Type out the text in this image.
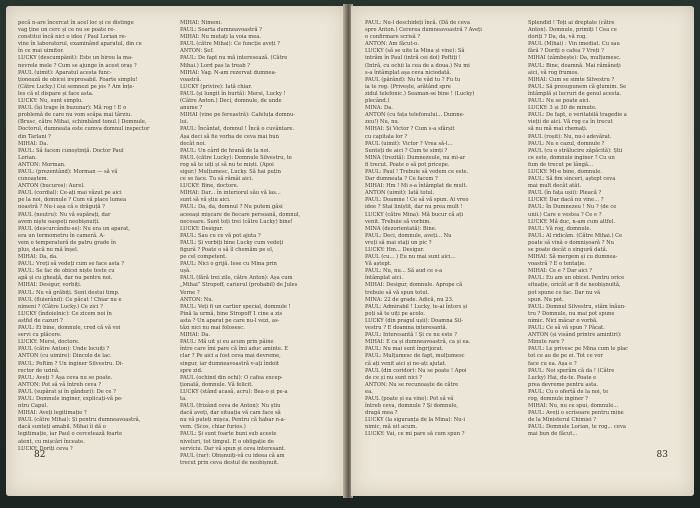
pecă n-are încercat în acel loc și ce distinge
vag ține un cerc și ce nu se poate re-
constitui încă nici o idee / Paul Lorian re-
vine în laboratorul, examinând aparatul, din ce
în ce mai uimitor.
LUCKY (descumpănit): Este un birou la ma-
nevrele mele ? Cum se ajunge în acest oraș ?
PAUL (uimit): Aparatul acesta func-
ționează de obicei ireprosabil. Foarte simplu!
(Către Lucky.) Cui semnezi pe jos ? Am înțe-
les că el dispare și face asta.
LUCKY: Nu, sunt simplu.
PAUL (își trage în buzunar): Mă rog ! E o
problemă de care nu vom scăpa mai târziu.
(Brusc, către Mihai, schimbând tonul.) Domnule,
Doctorul, dumneata este cumva domnul inspector
din Tarlani ?
MIHAI: Da.
PAUL: Să facem cunoștință. Doctor Paul
Lorian.
ANTON: Morman.
PAUL: (prezentând): Morman — să vă
cunoaștem.
ANTON (bucuros): Aurel.
PAUL (cordial): Ce-ați mai văzut pe aici
pe la noi, domnule ? Cum vă place lumea
noastră ? Nu-i așa că e drăguță ?
PAUL (neutru): Nu vă supărați, dar
avem niște oaspeți neobișnuiți.
PAUL (descurcându-se): Nu era un aparat,
era un termometru în cameră. A-
vem o temperatură de patru grade în
plus, dacă nu mă înșel.
MIHAI: Da, da.
PAUL: Vreți să vedeți cum se face asta ?
PAUL: Se fac de obicei niște teste cu
apă și cu gheață, dar nu pentru noi.
MIHAI: Desigur, vorbiți.
PAUL: Nu vă grăbiți. Sunt destui timp.
PAUL (fluierând): Ce păcat ! Chiar nu e
nimeni ? (Câtre Lucky.) Ce zici ?
LUCKY (îndoielnic): Ce zicem noi în
astfel de cazuri ?
PAUL: Ei bine, domnule, cred că vă voi
servi cu plăcere.
LUCKY: Mersi, doctore.
PAUL (către Anton): Unde locuiți ?
ANTON (cu uimire): Dincolo de lac.
PAUL: Poftim ? Un inginer Silvestru. Di-
rector de uzină.
PAUL: Aveți ? Așa ceva nu se poate.
ANTON: Pot să vă întreb ceva ?
PAUL (supărat și în gânduri): De ce ?
PAUL: Domnule inginer, explicați-vă pe-
ntru Capul.
MIHAI: Aveți legitimație ?
PAUL (către Mihai): Și pentru dumneavoastră,
dacă sunteți amabil. Mihai îi dă o
legitimație, iar Paul o cercetează foarte
atent, cu mișcări înceate.
LUCKY: Doriți ceva ?
MIHAI: Nimeni.
PAUL: Soarta dumneavoastră ?
MIHAI: Nu mutați la voia mea.
PAUL (către Mihai): Ce funcție aveți ?
ANTON: Șef.
PAUL: De fapt nu mă interesează. (Către
Mihai.) Lord pas la treab ?
MIHAI: Vag. N-am rezervat dumnea-
voastră.
LUCKY (privire): Iată chiar.
PAUL (și lungit în burtă): Mersi, Lucky !
(Câtre Anton.) Deci, domnule, de unde
anume ?
MIHAI (vine pe fereastră): Cafeluța domnu-
lui.
PAUL: Încântat, domnul ! Încă o cuvântare.
Așa deci să fie vorba de ceva mai bun
decât noi.
PAUL: Un cârd de hrană de la noi.
PAUL (către Lucky): Domnule Silvestru, te
rog să te uiți și să nu te miști. (Apoi
sigur.) Mulțumesc, Lucky. Să hai puțin
ce se face. Tu să rămâi aici.
LUCKY: Bine, doctore.
MIHAI: Dar... în interiorul său vă las...
sunt să vă știu aici.
PAUL: Da, da, domnul ? Nu putem găsi
aceeași mișcare de fiecare persoană, domnul,
necesare. Sunt toți trei (către Lucky) bine!
LUCKY: Desigur.
PAUL: Sau cu ce vă pot ajuta ?
PAUL: Și vorbiți bine Lucky cum vedeți
figură ? Poate o să îl chemăm pe el,
pe cel competent.
PAUL: Nici o grijă. Iese cu Mina prin
ușă.
PAUL (fără trei zile, câtre Anton): Așa cum
„Mihai” Stropoff, carierul (probabil) de Jules
Verne ?
ANTON: Nu.
PAUL: Veți fi un cartier special, domnule !
Pină la urmă, bine Stropoff 1 cine a zis
asta ? Un aparat pe care nu-l vezi, as-
tăzi nici nu mai folosesc.
MIHAI: Da.
PAUL: Mă uit și eu acum prin pâine
între care îmi pare că îmi aduc aminte. E
clar ? Pe aici a fost ceva mai devreme,
singur, iar dumneavoastră v-ați îndoit
spre zid.
PAUL (ochind din ochi): O cafea excep-
ționată, domnule. Vă felicit.
LUCKY (stând acasă, acru): Bea-o și pe-a
ta.
PAUL (frizând ceva de Anton): Nu știu
dacă aveți, dar situația vă cam face să
nu vă puteți mișca. Pentru că habar n-a-
vem. (Scos, chiar furios.)
PAUL: Și sunt foarte buni sub aceste
niveluri, tot timpul. E o obligație de
serviciu. Dar vă spun și ceva interesant.
PAUL (rar): Obișnuiți-vă cu ideea că am
trecut prin ceva destul de neobișnuit.
82
PAUL: Nu-l deschideți încă. (Dă de ceva
spre Anton.) Cererea dumneavoastră ? Aveți
o confirmare scrisă ?
ANTON: Am făcut-o.
LUCKY (să se uite la Mina și vine): Să
intrăm în Paul (intră cei doi) Poftiți !
(Intră, cu ochii la cea de a doua.) Nu mi
s-a întâmplat așa ceva niciodată.
PAUL (părând): Nu te văd tu ? Fu tu
ia te rog. (Privește, arătând spre
zidul telefonic.) Seaman-se bine ! (Lucky)
plecând.)
MINA: Da.
ANTON (cu fața telefonului... Dumne-
zeu!) Nu, nu.
MIHAI: Și Victor ? Cum s-a sfârșit
cu capitala lor ?
PAUL (uimit): Victor ? Vrea să-l...
Sunteți de aici ? Cum te simți ?
MINA (trezită): Dumnezeule, nu mi-ar
fi trecut. Poate o să pot pricepe.
PAUL: Paul ! Trebuie să vedem ce este.
Dar dumneata ? Ce facem ?
MIHAI: Hm ! Mi s-a întâmplat de mult.
ANTON (uimit): Iată totul.
PAUL: Doamne ! Ce să vă spun. Ai vreo
idee ? Stai liniștit, dar nu prea mult !
LUCKY (către Mina): Mă bucur că ați
venit. Trebuie să vorbim.
MINA (dezorientată): Bine.
PAUL: Deci, domnule, aveți... Nu
vreți să mai stați un pic ?
LUCKY: Hm... Desigur.
PAUL (cu... ) Eu nu mai sunt aici...
Vă aștept.
PAUL: Nu, nu... Să aud ce s-a
întâmplat aici.
MIHAI: Desigur, domnule. Aprope că
trebuie să vă spun totul.
MINA: 22 de grade. Adică, nu 23.
PAUL: Admirabil ! Lucky, te-ai întors și
poți să te uiți pe acolo.
LUCKY (din pragul ușii): Doamna Sil-
vestru ? E doamna interesantă.
PAUL: Interesantă ! Și ce nu este ?
MIHAI: E ca și dumneavoastră, ca și ea.
PAUL: Nu mai sunt îngrijorat.
PAUL: Mulțumesc de fapt, mulțumesc
că ați venit aici și ne-ați ajutat.
PAUL (din coridor): Nu se poate ! Apoi
de ce și nu sunt nici ?
ANTON: Nu se recunoaște de către
ea.
PAUL (poate și ea vine): Pot să vă
întreb ceva, domnule ? Și domnule,
dragă mea ?
LUCKY (la siguranța de la Mina): Nu-i
nimic, mă uit acum.
LUCKY: Vai, ce mi pare să cum spun ?
Splendid ! Toți ai dreptate (către
Anton). Domnule, primiți ! Cea ce
doriți ? Da, da, vă rog.
PAUL (Mihai) : Vin imediat. Cu sau
fără ? Doriți o cafea ? Vreți ?
MIHAI (zâmbește): Da, mulțumesc.
PAUL: Bine, doamnă. Mai rămâneți
aici, vă rog frumos.
MIHAI: Cum se simte Silvestru ?
PAUL: Să presupunem că glumim. Se
întâmplă și lucruri de genul acesta.
PAUL: Nu se poate aici.
LUCKY: 3 și 30 de minute.
PAUL: De fapt, o veritabilă tragedie a
vieții de aici. Vă rog ca în trecut
să nu mă mai chemați.
PAUL (roșit): Nu, nu-i adevărat.
PAUL: Nu e cazul, domnule ?
PAUL (cu o strălucire zăpăcită): Știi
ce este, domnule inginer ? Cu un
fum de trecut pe lângă...
LUCKY: Mi-e bine, domnule.
PAUL: Să fim sinceri, aștept ceva
mai mult decât atât.
PAUL (în fața ușii): Pleacă ?
LUCKY: Dar dacă nu vine... ?
PAUL: În Dumnezeu ! Nu ? (de ce
unii.) Care e vestea ? Ce e ?
LUCKY: Mă duc, n-am cum altfel.
PAUL: Vă rog, domnule.
PAUL: Al ridicăm. (Către Mihai.) Ce
poate să vină o domnișoară ? Nu
se poate decât o singură dată.
MIHAI: Să mergem și cu dumnea-
voastră ? E o tentație.
MIHAI: Ce e ? Dar aici ?
PAUL: Eu am un obicei. Pentru orice
situație, oricât ar fi de neobișnuită,
pot spune ce fac. Dar nu vă
spun. Nu pot.
PAUL: Domnul Silvestru, stăm înăun-
tru ? Domnule, nu mai pot spune
nimic. Nici măcar o vorbă.
PAUL: Ce să vă spun ? Păcat.
ANTON (și visând printre amintiri):
Minute rare ?
PAUL: Le privesc pe Mina cum le plac
tot ce au de pe ei. Tot ce vor
face cu ea. Așa e ?
PAUL: Noi sperăm că da ! (Către
Lucky) Hai, du-te. Poate e
prea devreme pentru asta.
PAUL: Cu o ofertă de la noi, te
rog, domnule inginer ?
MIHAI: Nu, nu ce spui, domnule...
PAUL: Aveți o scrisoare pentru mine
de la Ministerul Chimiei ?
PAUL: Domnule Lorian, te rog... ceva
mai bun de făcut...
83
